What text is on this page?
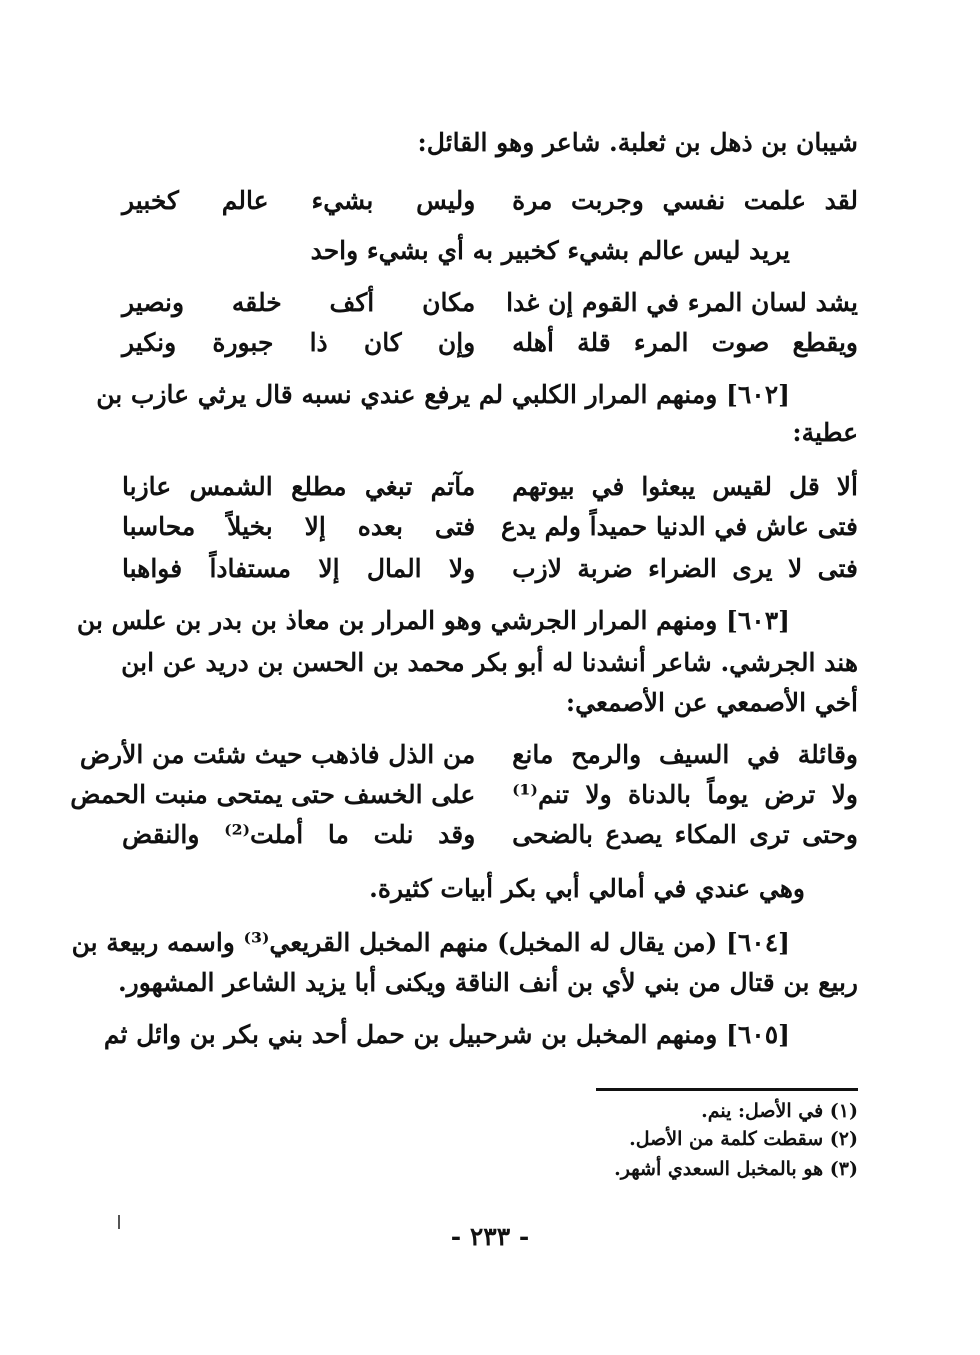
شيبان بن ذهل بن ثعلبة. شاعر وهو القائل:
لقد علمت نفسي وجربت مرة
وليس بشيء عالم كخبير
يريد ليس عالم بشيء كخبير به أي بشيء واحد
يشد لسان المرء في القوم إن غدا
مكان أكف خلقه ونصير
ويقطع صوت المرء قلة أهله
وإن كان ذا جبورة ونكير
[٦٠٢] ومنهم المرار الكلبي لم يرفع عندي نسبه قال يرثي عازب بن
عطية:
ألا قل لقيس يبعثوا في بيوتهم
مآتم تبغي مطلع الشمس عازبا
فتى عاش في الدنيا حميداً ولم يدع
فتى بعده إلا بخيلاً محاسبا
فتى لا يرى الضراء ضربة لازب
ولا المال إلا مستفاداً فواهبا
[٦٠٣] ومنهم المرار الجرشي وهو المرار بن معاذ بن بدر بن علس بن
هند الجرشي. شاعر أنشدنا له أبو بكر محمد بن الحسن بن دريد عن ابن
أخي الأصمعي عن الأصمعي:
وقائلة في السيف والرمح مانع
من الذل فاذهب حيث شئت من الأرض
ولا ترض يوماً بالدناة ولا تنم⁽¹⁾
على الخسف حتى يمتحى منبت الحمض
وحتى ترى المكاء يصدع بالضحى
وقد نلت ما أملت⁽²⁾ والنقض
وهي عندي في أمالي أبي بكر أبيات كثيرة.
[٦٠٤] (من يقال له المخبل) منهم المخبل القريعي⁽³⁾ واسمه ربيعة بن
ربيع بن قتال من بني لأي بن أنف الناقة ويكنى أبا يزيد الشاعر المشهور.
[٦٠٥] ومنهم المخبل بن شرحبيل بن حمل أحد بني بكر بن وائل ثم
(١) في الأصل: ينم.
(٢) سقطت كلمة من الأصل.
(٣) هو بالمخبل السعدي أشهر.
- ٢٣٣ -
